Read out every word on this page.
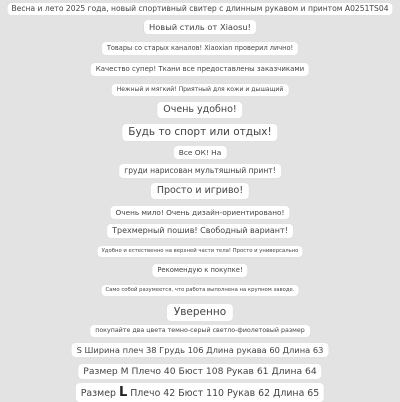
Весна и лето 2025 года, новый спортивный свитер с длинным рукавом и принтом A0251TS04
Новый стиль от Xiaosu!
Товары со старых каналов! Xiaoxian проверил лично!
Качество супер! Ткани все предоставлены заказчиками
Нежный и мягкий! Приятный для кожи и дышащий
Очень удобно!
Будь то спорт или отдых!
Все ОК! На
груди нарисован мультяшный принт!
Просто и игриво!
Очень мило! Очень дизайн-ориентировано!
Трехмерный пошив! Свободный вариант!
Удобно и естественно на верхней части тела! Просто и универсально
Рекомендую к покупке!
Само собой разумеется, что работа выполнена на крупном заводе.
Уверенно
покупайте два цвета темно-серый светло-фиолетовый размер
S Ширина плеч 38 Грудь 106 Длина рукава 60 Длина 63
Размер M Плечо 40 Бюст 108 Рукав 61 Длина 64
Размер L Плечо 42 Бюст 110 Рукав 62 Длина 65
